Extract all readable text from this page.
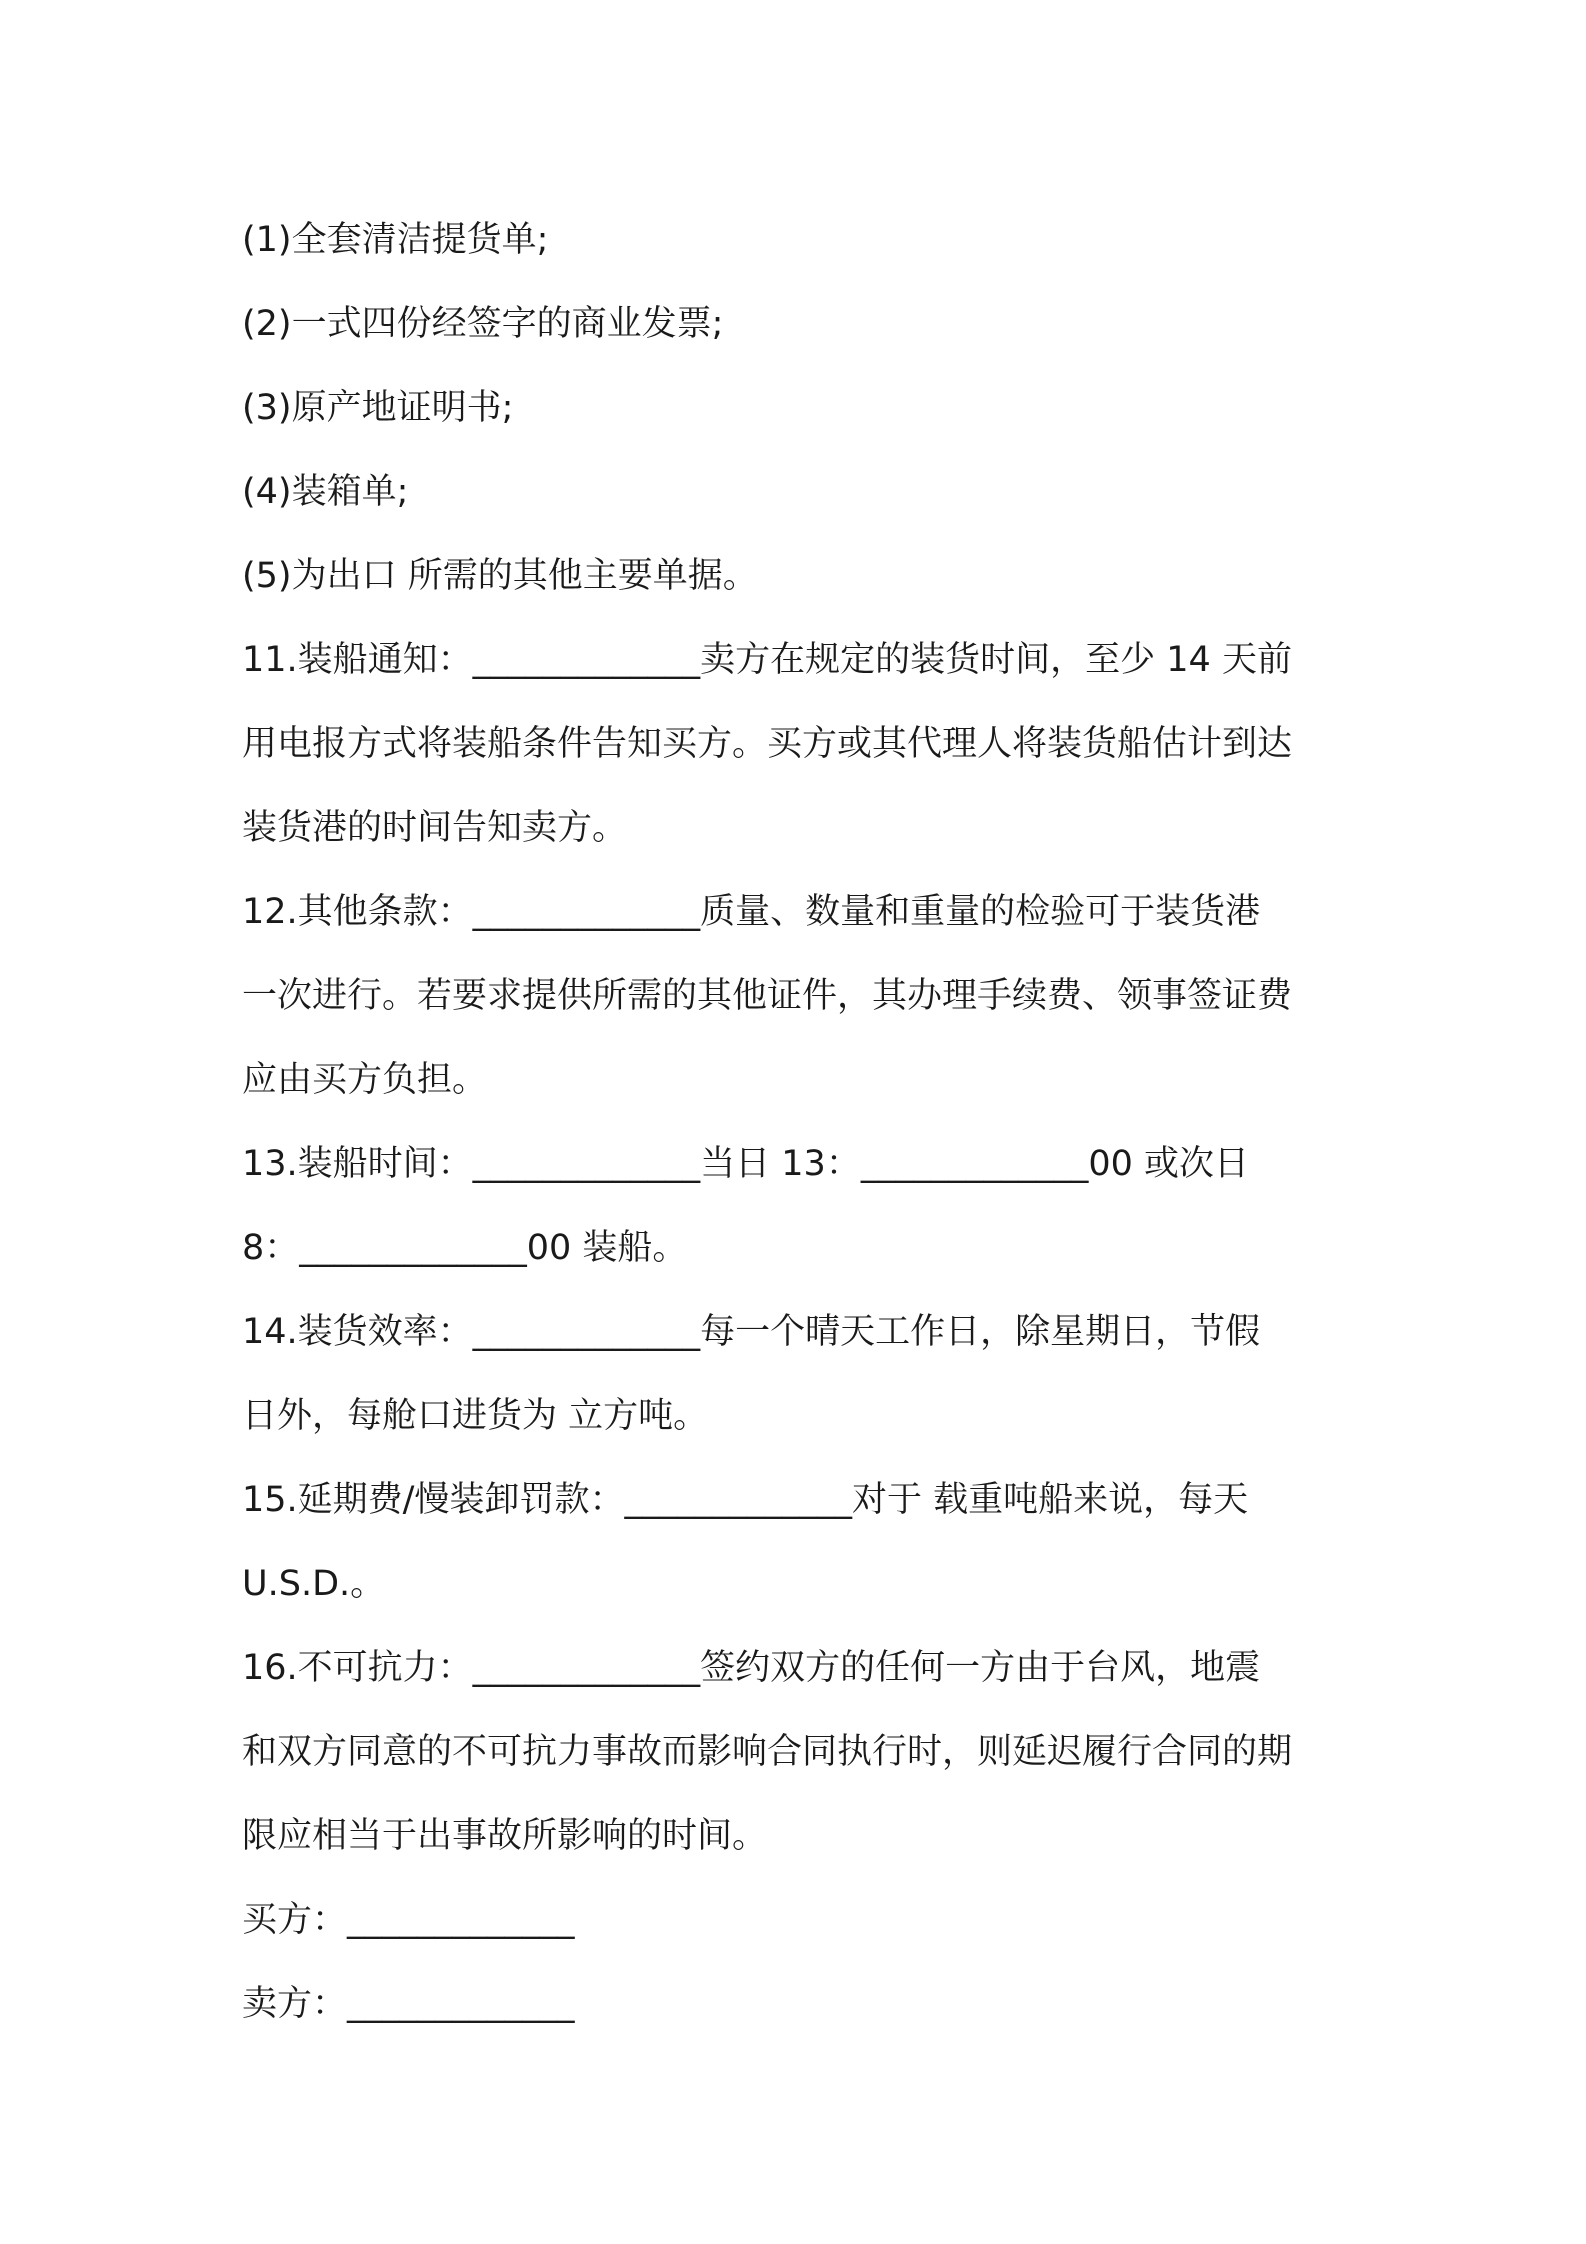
(1)全套清洁提货单;
(2)一式四份经签字的商业发票;
(3)原产地证明书;
(4)装箱单;
(5)为出口 所需的其他主要单据。
11.装船通知：_____________卖方在规定的装货时间，至少 14 天前
用电报方式将装船条件告知买方。买方或其代理人将装货船估计到达
装货港的时间告知卖方。
12.其他条款：_____________质量、数量和重量的检验可于装货港
一次进行。若要求提供所需的其他证件，其办理手续费、领事签证费
应由买方负担。
13.装船时间：_____________当日 13：_____________00 或次日
8：_____________00 装船。
14.装货效率：_____________每一个晴天工作日，除星期日，节假
日外，每舱口进货为 立方吨。
15.延期费/慢装卸罚款：_____________对于 载重吨船来说，每天
U.S.D.。
16.不可抗力：_____________签约双方的任何一方由于台风，地震
和双方同意的不可抗力事故而影响合同执行时，则延迟履行合同的期
限应相当于出事故所影响的时间。
买方：_____________
卖方：_____________
